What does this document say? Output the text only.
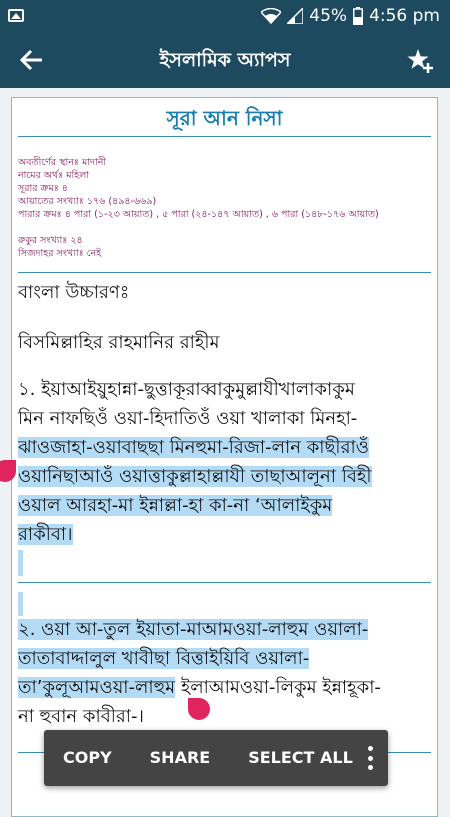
45% 4:56 pm
ইসলামিক অ্যাপস
সূরা আন নিসা
অবতীর্ণের স্থানঃ মাদানী
নামের অর্থঃ মহিলা
সূরার ক্রমঃ ৪
আয়াতের সংখ্যাঃ ১৭৬ (৪৯৪-৬৬৯)
পারার ক্রমঃ ৪ পারা (১-২৩ আয়াত) , ৫ পারা (২৪-১৪৭ আয়াত) , ৬ পারা (১৪৮-১৭৬ আয়াত)
রুকুর সংখ্যাঃ ২৪
সিজদাহর সংখ্যাঃ নেই
বাংলা উচ্চারণঃ
বিসমিল্লাহির রাহমানির রাহীম
১. ইয়াআইয়ুহান্না-ছুত্তাকূরাব্বাকুমুল্লাযীখালাকাকুম
মিন নাফছিওঁ ওয়া-হিদাতিওঁ ওয়া খালাকা মিনহা-
ঝাওজাহা-ওয়াবাছছা মিনহুমা-রিজা-লান কাছীরাওঁ
ওয়ানিছাআওঁ ওয়াত্তাকুল্লাহাল্লাযী তাছাআলূনা বিহী
ওয়াল আরহা-মা ইন্নাল্লা-হা কা-না ‘আলাইকুম
রাকীবা।
২. ওয়া আ-তুল ইয়াতা-মাআমওয়া-লাহুম ওয়ালা-
তাতাবাদ্দালুল খাবীছা বিত্তাইয়িবি ওয়ালা-
তা’কুলূআমওয়া-লাহুম ইলাআমওয়া-লিকুম ইন্নাহূকা-
না হুবান কাবীরা-।
COPY	SHARE	SELECT ALL
